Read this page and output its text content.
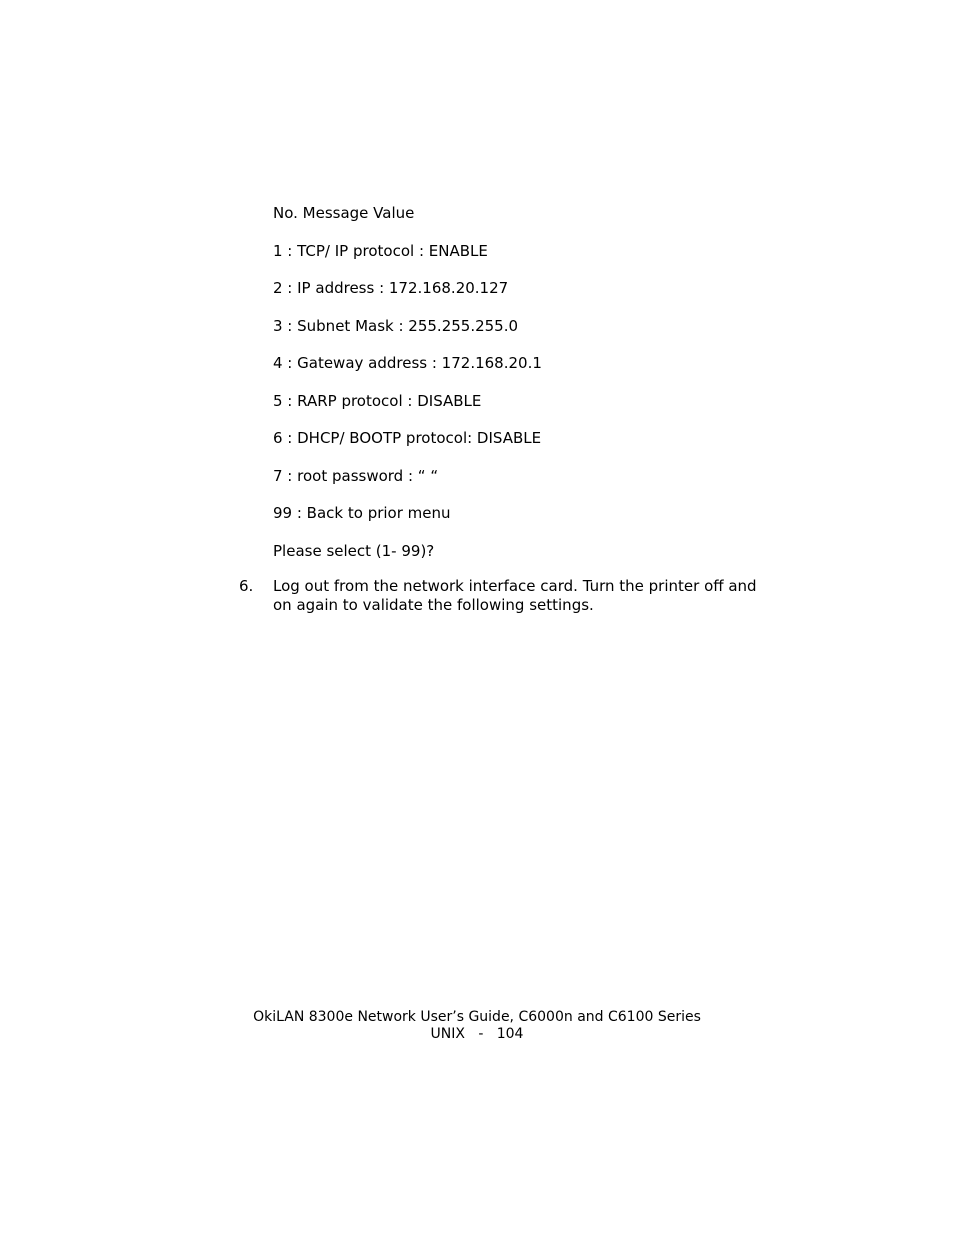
No. Message Value
1 : TCP/ IP protocol : ENABLE
2 : IP address : 172.168.20.127
3 : Subnet Mask : 255.255.255.0
4 : Gateway address : 172.168.20.1
5 : RARP protocol : DISABLE
6 : DHCP/ BOOTP protocol: DISABLE
7 : root password : “ “
99 : Back to prior menu
Please select (1- 99)?
6. Log out from the network interface card. Turn the printer off and on again to validate the following settings.
OkiLAN 8300e Network User’s Guide, C6000n and C6100 Series
UNIX   -   104
